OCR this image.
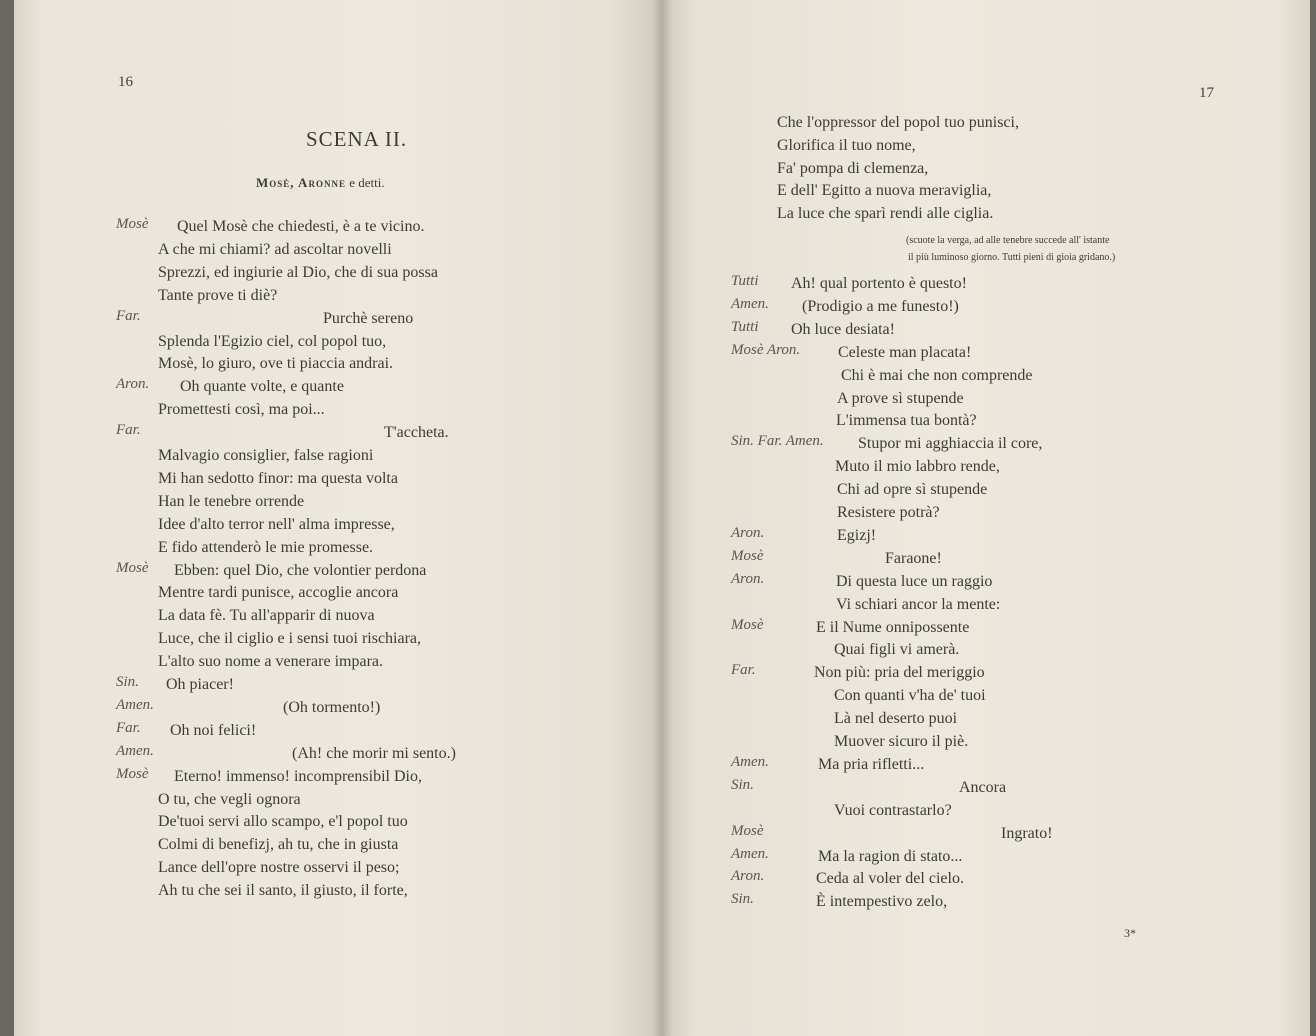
16
SCENA II.
Mosè, Aronne e detti.
Mosè Quel Mosè che chiedesti, è a te vicino.
A che mi chiami? ad ascoltar novelli
Sprezzi, ed ingiurie al Dio, che di sua possa
Tante prove ti diè?
Far.	Purchè sereno
Splenda l'Egizio ciel, col popol tuo,
Mosè, lo giuro, ove ti piaccia andrai.
Aron. Oh quante volte, e quante
Promettesti così, ma poi...
Far.	T'accheta.
Malvagio consiglier, false ragioni
Mi han sedotto finor: ma questa volta
Han le tenebre orrende
Idee d'alto terror nell' alma impresse,
E fido attenderò le mie promesse.
Mosè Ebben: quel Dio, che volontier perdona
Mentre tardi punisce, accoglie ancora
La data fè. Tu all'apparir di nuova
Luce, che il ciglio e i sensi tuoi rischiara,
L'alto suo nome a venerare impara.
Sin. Oh piacer!
Amen.	(Oh tormento!)
Far. Oh noi felici!
Amen.	(Ah! che morir mi sento.)
Mosè Eterno! immenso! incomprensibil Dio,
O tu, che vegli ognora
De'tuoi servi allo scampo, e'l popol tuo
Colmi di benefizj, ah tu, che in giusta
Lance dell'opre nostre osservi il peso;
Ah tu che sei il santo, il giusto, il forte,
17
Che l'oppressor del popol tuo punisci,
Glorifica il tuo nome,
Fa' pompa di clemenza,
E dell' Egitto a nuova meraviglia,
La luce che sparì rendi alle ciglia.
(scuote la verga, ad alle tenebre succede all' istante
il più luminoso giorno. Tutti pieni di gioia gridano.)
Tutti Ah! qual portento è questo!
Amen. (Prodigio a me funesto!)
Tutti Oh luce desiata!
Mosè Aron. Celeste man placata!
Chi è mai che non comprende
A prove sì stupende
L'immensa tua bontà?
Sin. Far. Amen. Stupor mi agghiaccia il core,
Muto il mio labbro rende,
Chi ad opre sì stupende
Resistere potrà?
Aron.	Egizj!
Mosè	Faraone!
Aron.	Di questa luce un raggio
Vi schiari ancor la mente:
Mosè	E il Nume onnipossente
Quai figli vi amerà.
Far.	Non più: pria del meriggio
Con quanti v'ha de' tuoi
Là nel deserto puoi
Muover sicuro il piè.
Amen.	Ma pria rifletti...
Sin.	Ancora
Vuoi contrastarlo?
Mosè	Ingrato!
Amen.	Ma la ragion di stato...
Aron.	Ceda al voler del cielo.
Sin.	È intempestivo zelo,
3*
